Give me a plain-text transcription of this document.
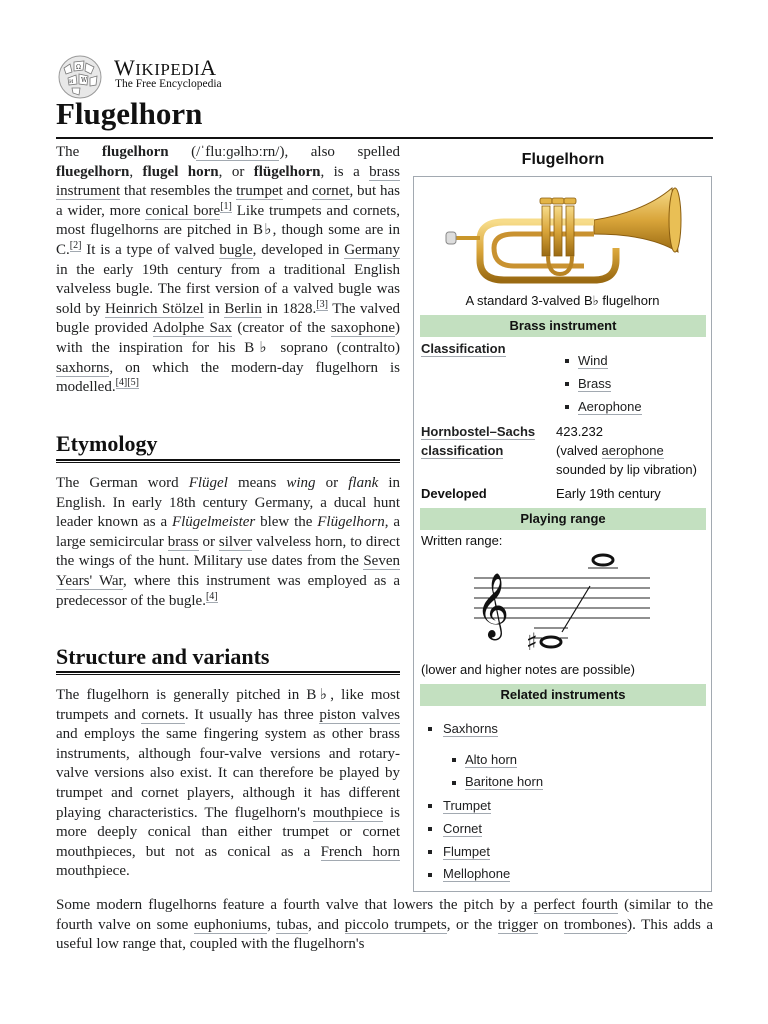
Ω
W
И
WIKIPEDIA
The Free Encyclopedia
Flugelhorn

The flugelhorn (/ˈfluːɡəlhɔːrn/), also spelled fluegelhorn, flugel horn, or flügelhorn, is a brass instrument that resembles the trumpet and cornet, but has a wider, more conical bore[1] Like trumpets and cornets, most flugelhorns are pitched in B♭, though some are in C.[2] It is a type of valved bugle, developed in Germany in the early 19th century from a traditional English valveless bugle. The first version of a valved bugle was sold by Heinrich Stölzel in Berlin in 1828.[3] The valved bugle provided Adolphe Sax (creator of the saxophone) with the inspiration for his B♭ soprano (contralto) saxhorns, on which the modern-day flugelhorn is modelled.[4][5]

Etymology

The German word Flügel means wing or flank in English. In early 18th century Germany, a ducal hunt leader known as a Flügelmeister blew the Flügelhorn, a large semicircular brass or silver valveless horn, to direct the wings of the hunt. Military use dates from the Seven Years' War, where this instrument was employed as a predecessor of the bugle.[4]

Structure and variants

The flugelhorn is generally pitched in B♭, like most trumpets and cornets. It usually has three piston valves and employs the same fingering system as other brass instruments, although four-valve versions and rotary-valve versions also exist. It can therefore be played by trumpet and cornet players, although it has different playing characteristics. The flugelhorn's mouthpiece is more deeply conical than either trumpet or cornet mouthpieces, but not as conical as a French horn mouthpiece.

Some modern flugelhorns feature a fourth valve that lowers the pitch by a perfect fourth (similar to the fourth valve on some euphoniums, tubas, and piccolo trumpets, or the trigger on trombones). This adds a useful low range that, coupled with the flugelhorn's

Flugelhorn
A standard 3-valved B♭ flugelhorn
Brass instrument
Classification
Wind
Brass
Aerophone
Hornbostel–Sachs
classification
423.232
(valved aerophone
sounded by lip vibration)
Developed	Early 19th century
Playing range
Written range:
𝄞
♯
(lower and higher notes are possible)
Related instruments
Saxhorns
Alto horn
Baritone horn
Trumpet
Cornet
Flumpet
Mellophone
